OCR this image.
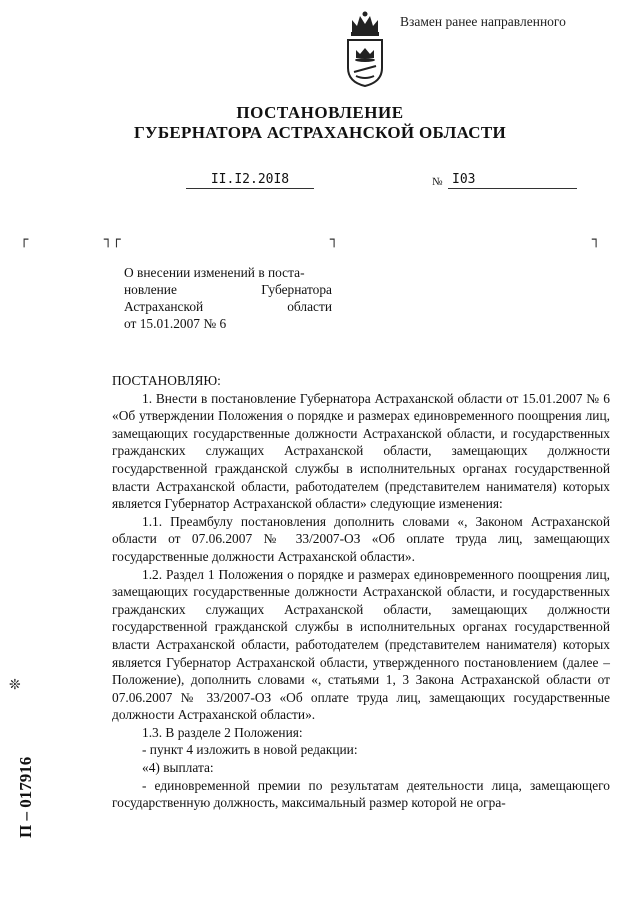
Взамен ранее направленного
ПОСТАНОВЛЕНИЕ
ГУБЕРНАТОРА АСТРАХАНСКОЙ ОБЛАСТИ
II.I2.20I8	№ I03
┌	┐┌	┐	┐
О внесении изменений в поста-
новление Губернатора
Астраханской области
от 15.01.2007 № 6

ПОСТАНОВЛЯЮ:

1. Внести в постановление Губернатора Астраханской области от 15.01.2007 № 6 «Об утверждении Положения о порядке и размерах единовременного поощрения лиц, замещающих государственные должности Астраханской области, и государственных гражданских служащих Астраханской области, замещающих должности государственной гражданской службы в исполнительных органах государственной власти Астраханской области, работодателем (представителем нанимателя) которых является Губернатор Астраханской области» следующие изменения:

1.1. Преамбулу постановления дополнить словами «, Законом Астраханской области от 07.06.2007 № 33/2007-ОЗ «Об оплате труда лиц, замещающих государственные должности Астраханской области».

1.2. Раздел 1 Положения о порядке и размерах единовременного поощрения лиц, замещающих государственные должности Астраханской области, и государственных гражданских служащих Астраханской области, замещающих должности государственной гражданской службы в исполнительных органах государственной власти Астраханской области, работодателем (представителем нанимателя) которых является Губернатор Астраханской области, утвержденного постановлением (далее – Положение), дополнить словами «, статьями 1, 3 Закона Астраханской области от 07.06.2007 № 33/2007-ОЗ «Об оплате труда лиц, замещающих государственные должности Астраханской области».

1.3. В разделе 2 Положения:

- пункт 4 изложить в новой редакции:

«4) выплата:

- единовременной премии по результатам деятельности лица, замещающего государственную должность, максимальный размер которой не огра-

❊
П – 017916
